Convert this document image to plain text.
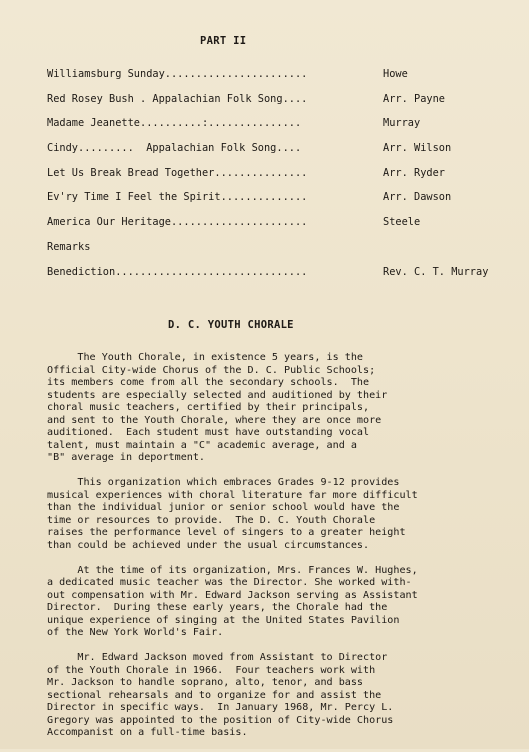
PART II
Williamsburg Sunday.......................	Howe
Red Rosey Bush . Appalachian Folk Song....	Arr. Payne
Madame Jeanette..........:...............	Murray
Cindy.........  Appalachian Folk Song....	Arr. Wilson
Let Us Break Bread Together...............	Arr. Ryder
Ev'ry Time I Feel the Spirit..............	Arr. Dawson
America Our Heritage......................	Steele
Remarks
Benediction...............................	Rev. C. T. Murray
D. C. YOUTH CHORALE
The Youth Chorale, in existence 5 years, is the
Official City-wide Chorus of the D. C. Public Schools;
its members come from all the secondary schools.  The
students are especially selected and auditioned by their
choral music teachers, certified by their principals,
and sent to the Youth Chorale, where they are once more
auditioned.  Each student must have outstanding vocal
talent, must maintain a "C" academic average, and a
"B" average in deportment.
This organization which embraces Grades 9-12 provides
musical experiences with choral literature far more difficult
than the individual junior or senior school would have the
time or resources to provide.  The D. C. Youth Chorale
raises the performance level of singers to a greater height
than could be achieved under the usual circumstances.
At the time of its organization, Mrs. Frances W. Hughes,
a dedicated music teacher was the Director. She worked with-
out compensation with Mr. Edward Jackson serving as Assistant
Director.  During these early years, the Chorale had the
unique experience of singing at the United States Pavilion
of the New York World's Fair.
Mr. Edward Jackson moved from Assistant to Director
of the Youth Chorale in 1966.  Four teachers work with
Mr. Jackson to handle soprano, alto, tenor, and bass
sectional rehearsals and to organize for and assist the
Director in specific ways.  In January 1968, Mr. Percy L.
Gregory was appointed to the position of City-wide Chorus
Accompanist on a full-time basis.
